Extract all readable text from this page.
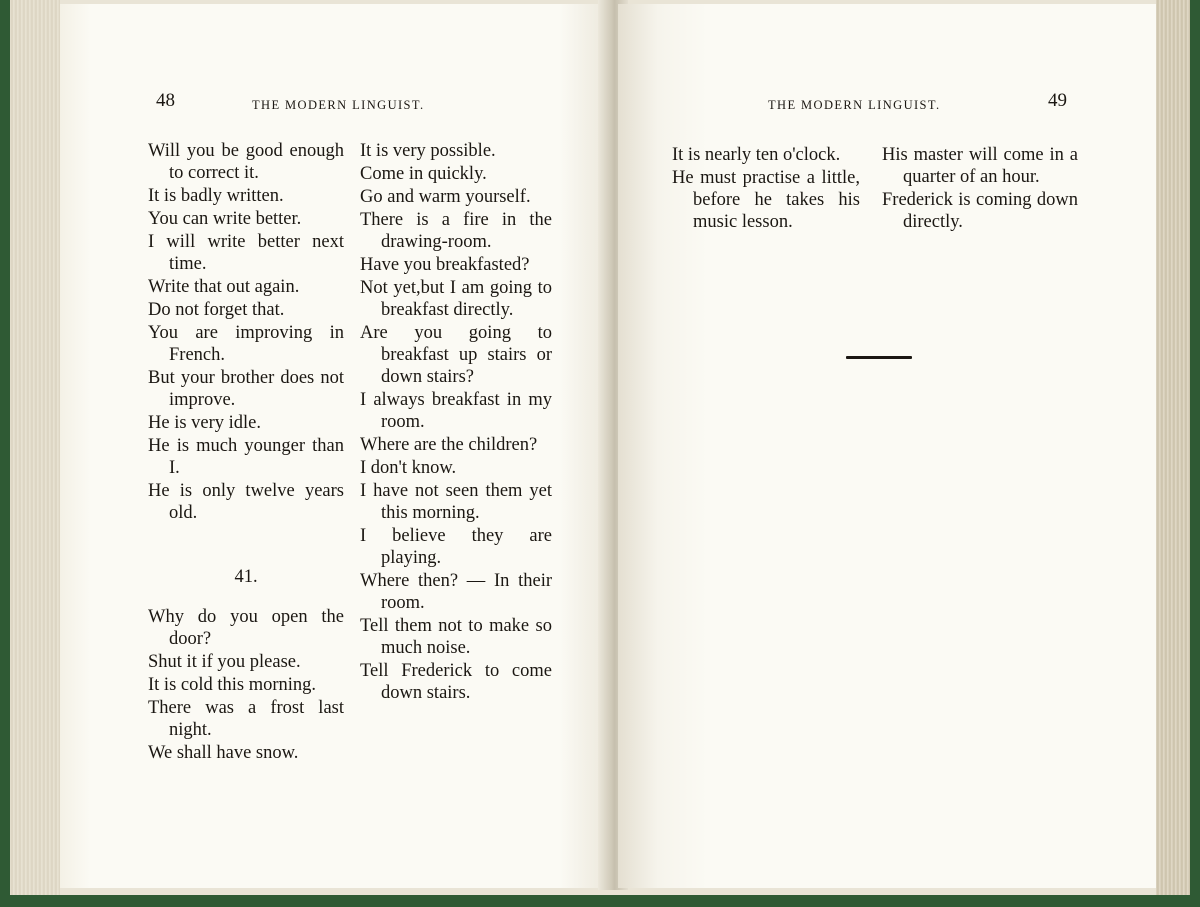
48	THE MODERN LINGUIST.

Will you be good enough to correct it.

It is badly written.

You can write better.

I will write better next time.

Write that out again.

Do not forget that.

You are improving in French.

But your brother does not improve.

He is very idle.

He is much younger than I.

He is only twelve years old.

41.

Why do you open the door?

Shut it if you please.

It is cold this morning.

There was a frost last night.

We shall have snow.

It is very possible.

Come in quickly.

Go and warm yourself.

There is a fire in the drawing-room.

Have you breakfasted?

Not yet,but I am going to breakfast directly.

Are you going to breakfast up stairs or down stairs?

I always breakfast in my room.

Where are the children?

I don't know.

I have not seen them yet this morning.

I believe they are playing.

Where then? — In their room.

Tell them not to make so much noise.

Tell Frederick to come down stairs.

THE MODERN LINGUIST.	49

It is nearly ten o'clock.

He must practise a little, before he takes his music lesson.

His master will come in a quarter of an hour.

Frederick is coming down directly.
